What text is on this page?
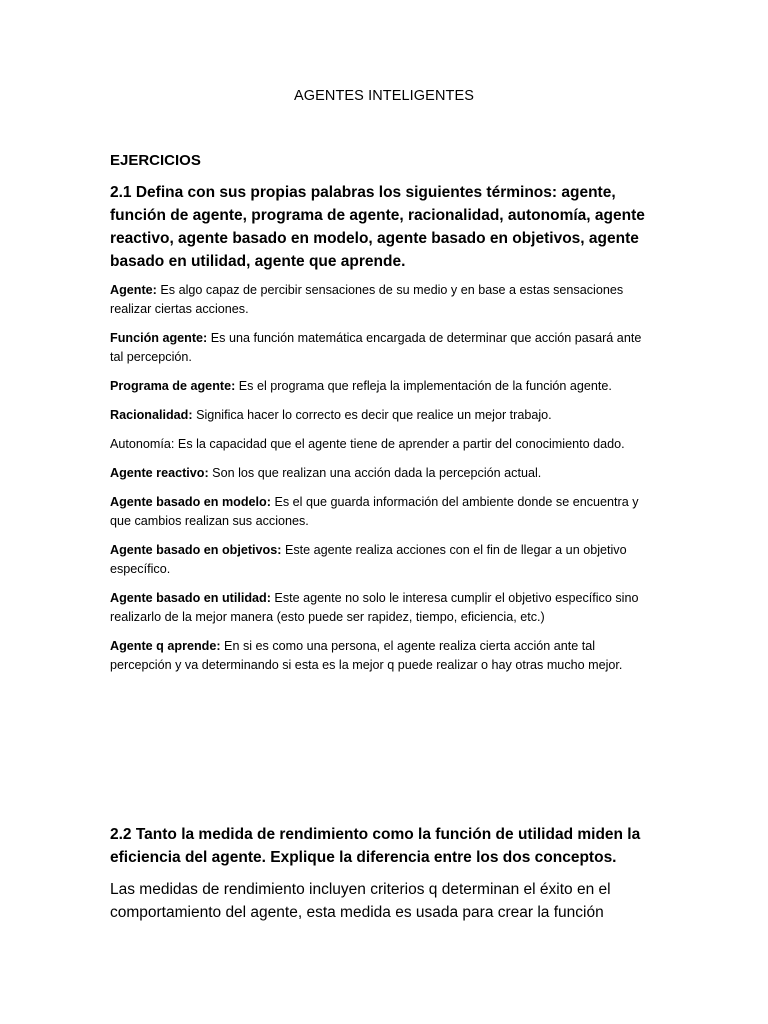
AGENTES INTELIGENTES
EJERCICIOS
2.1 Defina con sus propias palabras los siguientes términos: agente, función de agente, programa de agente, racionalidad, autonomía, agente reactivo, agente basado en modelo, agente basado en objetivos, agente basado en utilidad, agente que aprende.

Agente: Es algo capaz de percibir sensaciones de su medio y en base a estas sensaciones realizar ciertas acciones.

Función agente: Es una función matemática encargada de determinar que acción pasará ante tal percepción.

Programa de agente: Es el programa que refleja la implementación de la función agente.

Racionalidad: Significa hacer lo correcto es decir que realice un mejor trabajo.

Autonomía: Es la capacidad que el agente tiene de aprender a partir del conocimiento dado.

Agente reactivo: Son los que realizan una acción dada la percepción actual.

Agente basado en modelo: Es el que guarda información del ambiente donde se encuentra y que cambios realizan sus acciones.

Agente basado en objetivos: Este agente realiza acciones con el fin de llegar a un objetivo específico.

Agente basado en utilidad: Este agente no solo le interesa cumplir el objetivo específico sino realizarlo de la mejor manera (esto puede ser rapidez, tiempo, eficiencia, etc.)

Agente q aprende: En si es como una persona, el agente realiza cierta acción ante tal percepción y va determinando si esta es la mejor q puede realizar o hay otras mucho mejor.

2.2 Tanto la medida de rendimiento como la función de utilidad miden la eficiencia del agente. Explique la diferencia entre los dos conceptos.
Las medidas de rendimiento incluyen criterios q determinan el éxito en el comportamiento del agente, esta medida es usada para crear la función
